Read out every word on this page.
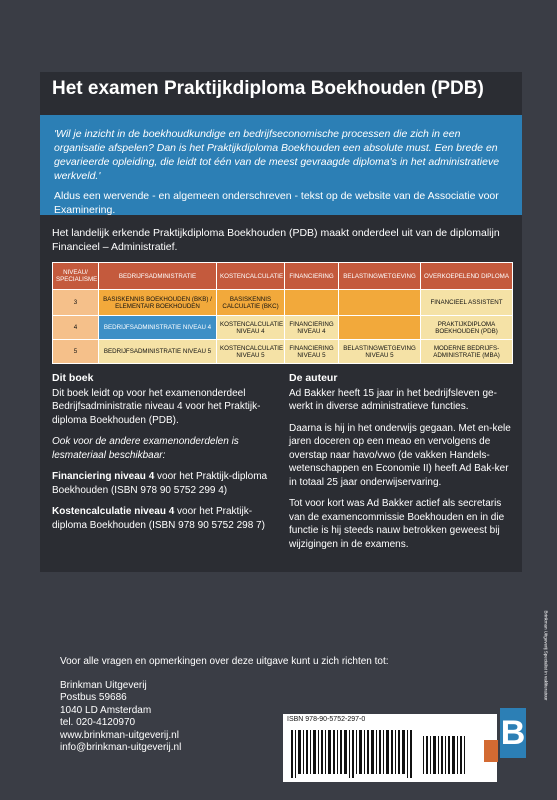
Het examen Praktijkdiploma Boekhouden (PDB)
'Wil je inzicht in de boekhoudkundige en bedrijfseconomische processen die zich in een organisatie afspelen? Dan is het Praktijkdiploma Boekhouden een absolute must. Een brede en gevarieerde opleiding, die leidt tot één van de meest gevraagde diploma's in het administratieve werkveld.'
Aldus een wervende - en algemeen onderschreven - tekst op de website van de Associatie voor Examinering.
Het landelijk erkende Praktijkdiploma Boekhouden (PDB) maakt onderdeel uit van de diplomalijn Financieel – Administratief.
NIVEAU/ SPECIALISME	BEDRIJFSADMINISTRATIE	KOSTENCALCULATIE	FINANCIERING	BELASTINGWETGEVING	OVERKOEPELEND DIPLOMA
3	BASISKENNIS BOEKHOUDEN (BKB) / ELEMENTAIR BOEKHOUDEN	BASISKENNIS CALCULATIE (BKC)			FINANCIEEL ASSISTENT
4	BEDRIJFSADMINISTRATIE NIVEAU 4	KOSTENCALCULATIE NIVEAU 4	FINANCIERING NIVEAU 4		PRAKTIJKDIPLOMA BOEKHOUDEN (PDB)
5	BEDRIJFSADMINISTRATIE NIVEAU 5	KOSTENCALCULATIE NIVEAU 5	FINANCIERING NIVEAU 5	BELASTINGWETGEVING NIVEAU 5	MODERNE BEDRIJFS-ADMINISTRATIE (MBA)
Dit boek

Dit boek leidt op voor het examenonderdeel Bedrijfsadministratie niveau 4 voor het Praktijk-diploma Boekhouden (PDB).

Ook voor de andere examenonderdelen is lesmateriaal beschikbaar:

Financiering niveau 4 voor het Praktijk-diploma Boekhouden (ISBN 978 90 5752 299 4)

Kostencalculatie niveau 4 voor het Praktijk-diploma Boekhouden (ISBN 978 90 5752 298 7)

De auteur

Ad Bakker heeft 15 jaar in het bedrijfsleven ge-werkt in diverse administratieve functies.

Daarna is hij in het onderwijs gegaan. Met en-kele jaren doceren op een meao en vervolgens de overstap naar havo/vwo (de vakken Handels-wetenschappen en Economie II) heeft Ad Bak-ker in totaal 25 jaar onderwijservaring.

Tot voor kort was Ad Bakker actief als secretaris van de examencommissie Boekhouden en in die functie is hij steeds nauw betrokken geweest bij wijzigingen in de examens.

Voor alle vragen en opmerkingen over deze uitgave kunt u zich richten tot:

Brinkman Uitgeverij
Postbus 59686
1040 LD Amsterdam
tel. 020-4120970
www.brinkman-uitgeverij.nl
info@brinkman-uitgeverij.nl
ISBN 978-90-5752-297-0	B
Brinkman Uitgeverij Specialist in vakliteratuur
